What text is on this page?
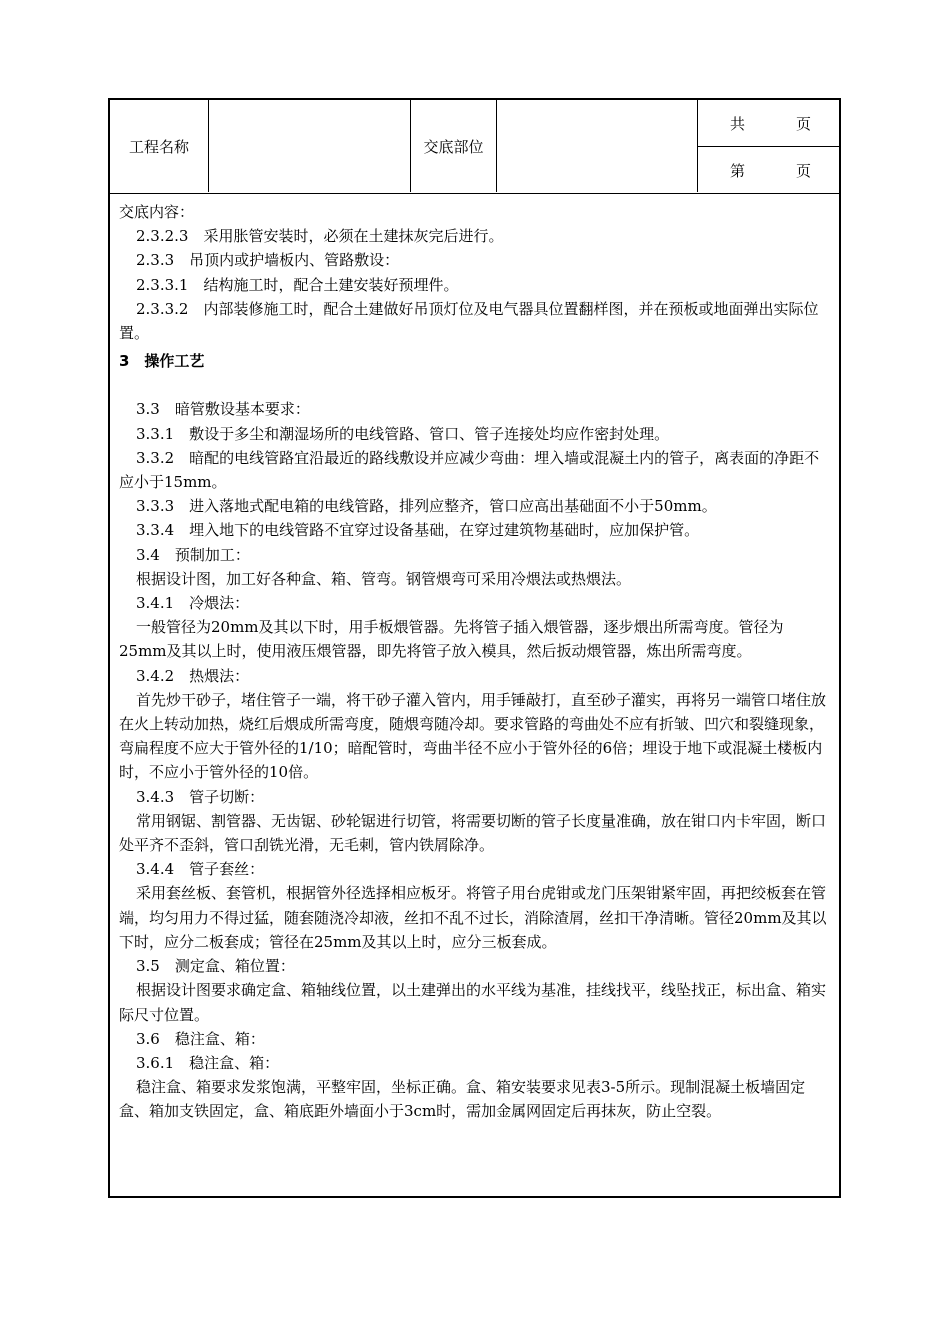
工程名称	交底部位
共	页
第	页

交底内容：

2.3.2.3　采用胀管安装时，必须在土建抹灰完后进行。

2.3.3　吊顶内或护墙板内、管路敷设：

2.3.3.1　结构施工时，配合土建安装好预埋件。

2.3.3.2　内部装修施工时，配合土建做好吊顶灯位及电气器具位置翻样图，并在预板或地面弹出实际位置。

3　操作工艺

3.3　暗管敷设基本要求：

3.3.1　敷设于多尘和潮湿场所的电线管路、管口、管子连接处均应作密封处理。

3.3.2　暗配的电线管路宜沿最近的路线敷设并应减少弯曲：埋入墙或混凝土内的管子，离表面的净距不应小于15mm。

3.3.3　进入落地式配电箱的电线管路，排列应整齐，管口应高出基础面不小于50mm。

3.3.4　埋入地下的电线管路不宜穿过设备基础，在穿过建筑物基础时，应加保护管。

3.4　预制加工：

根据设计图，加工好各种盒、箱、管弯。钢管煨弯可采用冷煨法或热煨法。

3.4.1　冷煨法：

一般管径为20mm及其以下时，用手板煨管器。先将管子插入煨管器，逐步煨出所需弯度。管径为25mm及其以上时，使用液压煨管器，即先将管子放入模具，然后扳动煨管器，炼出所需弯度。

3.4.2　热煨法：

首先炒干砂子，堵住管子一端，将干砂子灌入管内，用手锤敲打，直至砂子灌实，再将另一端管口堵住放在火上转动加热，烧红后煨成所需弯度，随煨弯随冷却。要求管路的弯曲处不应有折皱、凹穴和裂缝现象，弯扁程度不应大于管外径的1/10；暗配管时，弯曲半径不应小于管外径的6倍；埋设于地下或混凝土楼板内时，不应小于管外径的10倍。

3.4.3　管子切断：

常用钢锯、割管器、无齿锯、砂轮锯进行切管，将需要切断的管子长度量准确，放在钳口内卡牢固，断口处平齐不歪斜，管口刮铣光滑，无毛刺，管内铁屑除净。

3.4.4　管子套丝：

采用套丝板、套管机，根据管外径选择相应板牙。将管子用台虎钳或龙门压架钳紧牢固，再把绞板套在管端，均匀用力不得过猛，随套随浇冷却液，丝扣不乱不过长，消除渣屑，丝扣干净清晰。管径20mm及其以下时，应分二板套成；管径在25mm及其以上时，应分三板套成。

3.5　测定盒、箱位置：

根据设计图要求确定盒、箱轴线位置，以土建弹出的水平线为基准，挂线找平，线坠找正，标出盒、箱实际尺寸位置。

3.6　稳注盒、箱：

3.6.1　稳注盒、箱：

稳注盒、箱要求发浆饱满，平整牢固，坐标正确。盒、箱安装要求见表3-5所示。现制混凝土板墙固定盒、箱加支铁固定，盒、箱底距外墙面小于3cm时，需加金属网固定后再抹灰，防止空裂。
